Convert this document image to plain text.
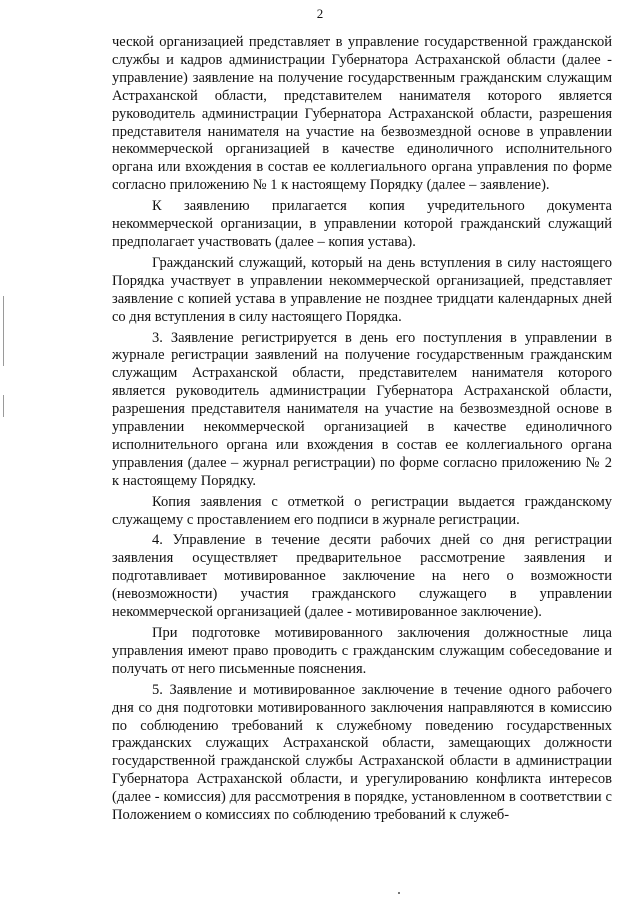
2

ческой организацией представляет в управление государственной гражданской службы и кадров администрации Губернатора Астраханской области (далее - управление) заявление на получение государственным гражданским служащим Астраханской области, представителем нанимателя которого является руководитель администрации Губернатора Астраханской области, разрешения представителя нанимателя на участие на безвозмездной основе в управлении некоммерческой организацией в качестве единоличного исполнительного органа или вхождения в состав ее коллегиального органа управления по форме согласно приложению № 1 к настоящему Порядку (далее – заявление).

К заявлению прилагается копия учредительного документа некоммерческой организации, в управлении которой гражданский служащий предполагает участвовать (далее – копия устава).

Гражданский служащий, который на день вступления в силу настоящего Порядка участвует в управлении некоммерческой организацией, представляет заявление с копией устава в управление не позднее тридцати календарных дней со дня вступления в силу настоящего Порядка.

3. Заявление регистрируется в день его поступления в управлении в журнале регистрации заявлений на получение государственным гражданским служащим Астраханской области, представителем нанимателя которого является руководитель администрации Губернатора Астраханской области, разрешения представителя нанимателя на участие на безвозмездной основе в управлении некоммерческой организацией в качестве единоличного исполнительного органа или вхождения в состав ее коллегиального органа управления (далее – журнал регистрации) по форме согласно приложению № 2 к настоящему Порядку.

Копия заявления с отметкой о регистрации выдается гражданскому служащему с проставлением его подписи в журнале регистрации.

4. Управление в течение десяти рабочих дней со дня регистрации заявления осуществляет предварительное рассмотрение заявления и подготавливает мотивированное заключение на него о возможности (невозможности) участия гражданского служащего в управлении некоммерческой организацией (далее - мотивированное заключение).

При подготовке мотивированного заключения должностные лица управления имеют право проводить с гражданским служащим собеседование и получать от него письменные пояснения.

5. Заявление и мотивированное заключение в течение одного рабочего дня со дня подготовки мотивированного заключения направляются в комиссию по соблюдению требований к служебному поведению государственных гражданских служащих Астраханской области, замещающих должности государственной гражданской службы Астраханской области в администрации Губернатора Астраханской области, и урегулированию конфликта интересов (далее - комиссия) для рассмотрения в порядке, установленном в соответствии с Положением о комиссиях по соблюдению требований к служеб-
